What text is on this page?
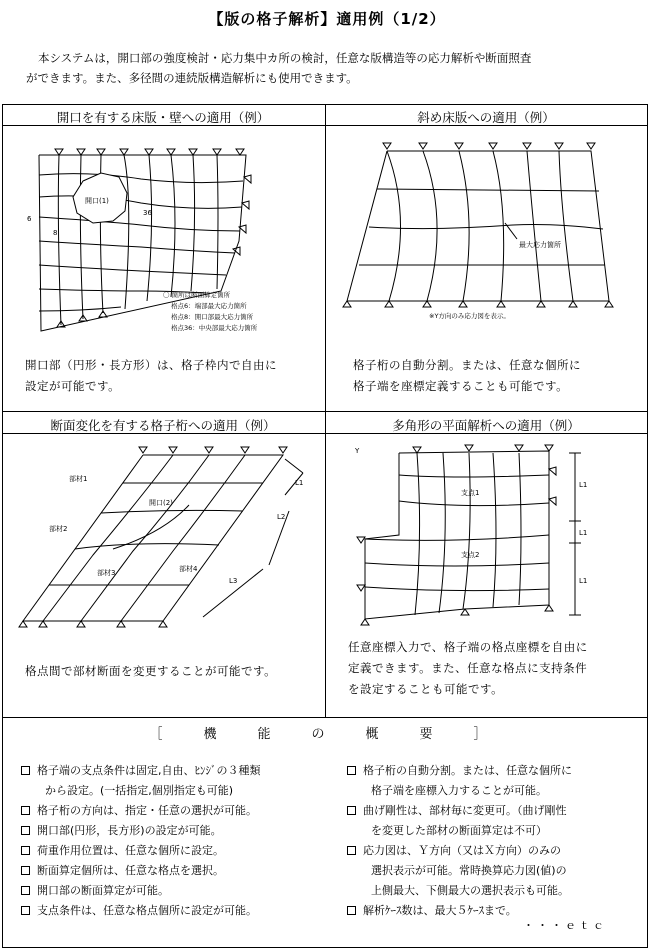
【版の格子解析】適用例（1/2）
本システムは，開口部の強度検討・応力集中カ所の検討，任意な版構造等の応力解析や断面照査
ができます。また、多径間の連続版構造解析にも使用できます。
開口を有する床版・壁への適用（例）
開口(1)
36
6
8
〇 箇所は断面算定箇所
格点6：端部最大応力箇所
格点8：開口部最大応力箇所
格点36：中央部最大応力箇所
開口部（円形・長方形）は、格子枠内で自由に
設定が可能です。
斜め床版への適用（例）
最大応力箇所
※Y方向のみ応力図を表示。
格子桁の自動分割。または、任意な個所に
格子端を座標定義することも可能です。
断面変化を有する格子桁への適用（例）
部材1
部材2
部材3	部材4
開口(2)
L1
L2
L3
格点間で部材断面を変更することが可能です。
多角形の平面解析への適用（例）
Y
支点1
支点2
L1
L1
L1
任意座標入力で、格子端の格点座標を自由に
定義できます。また、任意な格点に支持条件
を設定することも可能です。
［　機　能　の　概　要　］
格子端の支点条件は固定,自由、ﾋﾝｼﾞの３種類
から設定。(一括指定,個別指定も可能)
格子桁の方向は、指定・任意の選択が可能。
開口部(円形，長方形)の設定が可能。
荷重作用位置は、任意な個所に設定。
断面算定個所は、任意な格点を選択。
開口部の断面算定が可能。
支点条件は、任意な格点個所に設定が可能。
格子桁の自動分割。または、任意な個所に
格子端を座標入力することが可能。
曲げ剛性は、部材毎に変更可。（曲げ剛性
を変更した部材の断面算定は不可）
応力図は、Ｙ方向（又はＸ方向）のみの
選択表示が可能。常時換算応力図(値)の
上側最大、下側最大の選択表示も可能。
解析ｹｰｽ数は、最大５ｹｰｽまで。
・・・ｅｔｃ
